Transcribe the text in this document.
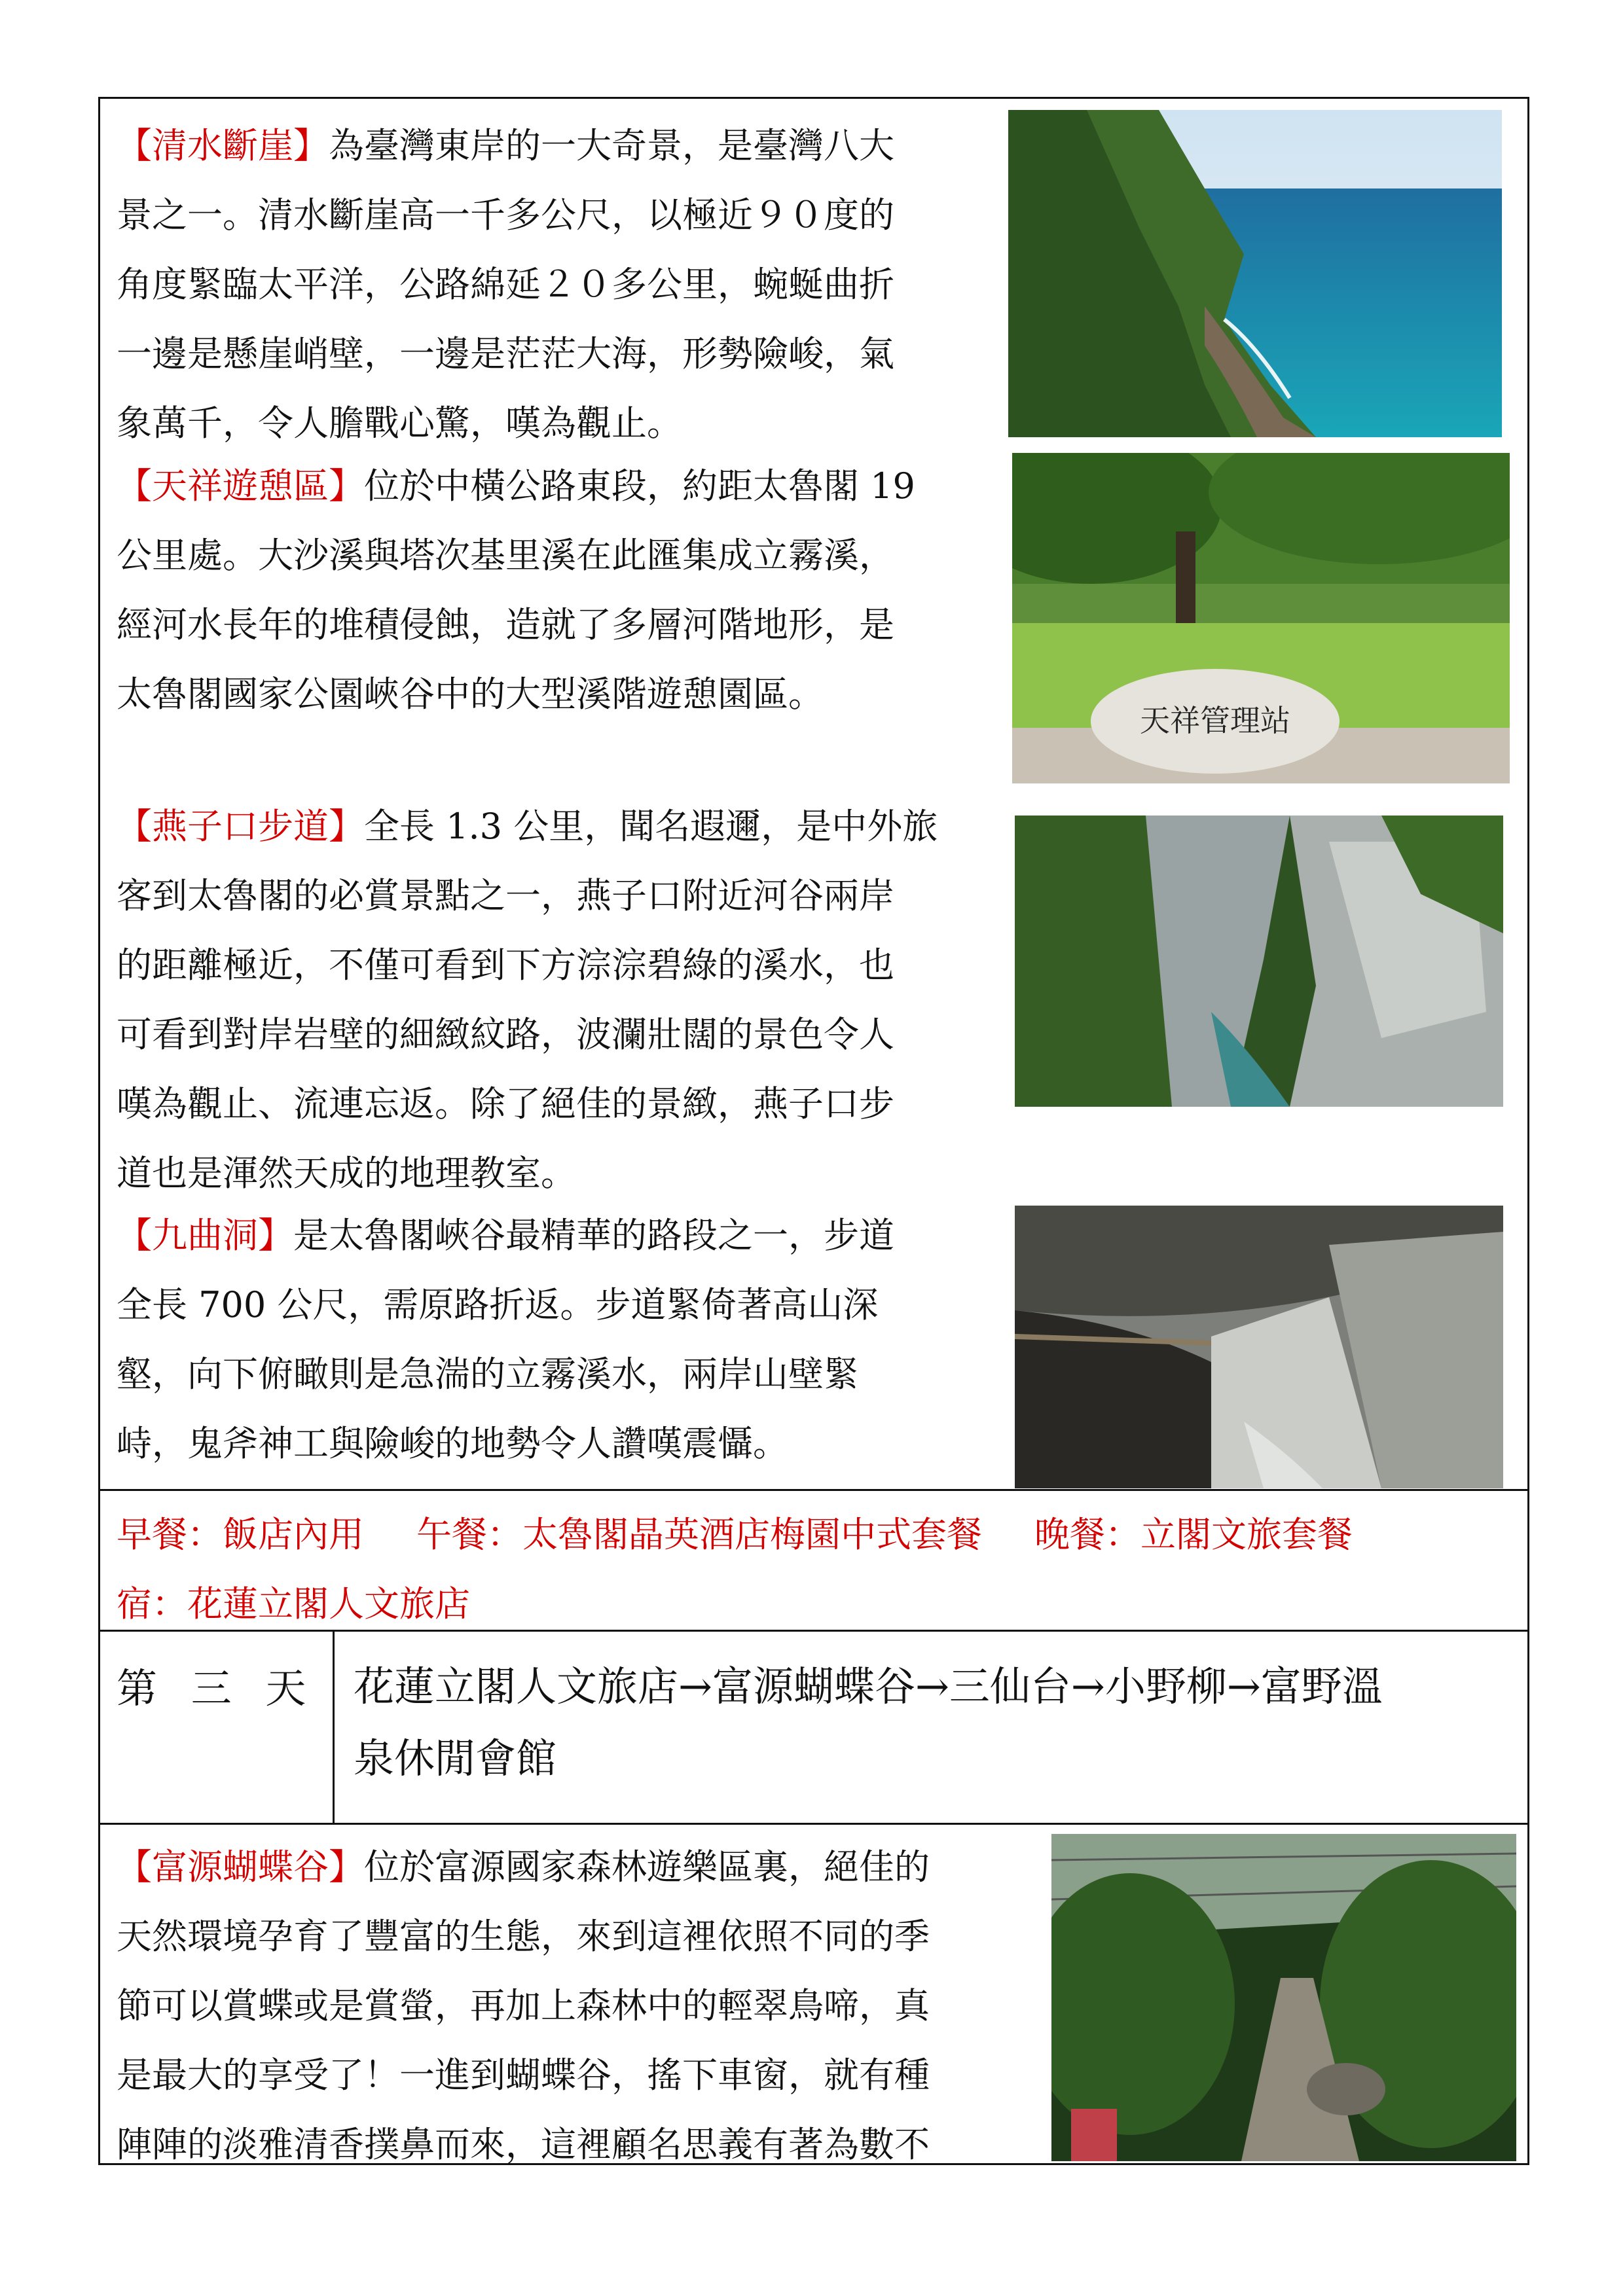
【清水斷崖】為臺灣東岸的一大奇景，是臺灣八大
景之一。清水斷崖高一千多公尺，以極近９０度的
角度緊臨太平洋，公路綿延２０多公里，蜿蜒曲折
一邊是懸崖峭壁，一邊是茫茫大海，形勢險峻，氣
象萬千，令人膽戰心驚，嘆為觀止。
【天祥遊憩區】位於中橫公路東段，約距太魯閣 19
公里處。大沙溪與塔次基里溪在此匯集成立霧溪，
經河水長年的堆積侵蝕，造就了多層河階地形，是
太魯閣國家公園峽谷中的大型溪階遊憩園區。
天祥管理站
【燕子口步道】全長 1.3 公里，聞名遐邇，是中外旅
客到太魯閣的必賞景點之一，燕子口附近河谷兩岸
的距離極近，不僅可看到下方淙淙碧綠的溪水，也
可看到對岸岩壁的細緻紋路，波瀾壯闊的景色令人
嘆為觀止、流連忘返。除了絕佳的景緻，燕子口步
道也是渾然天成的地理教室。
【九曲洞】是太魯閣峽谷最精華的路段之一，步道
全長 700 公尺，需原路折返。步道緊倚著高山深
壑，向下俯瞰則是急湍的立霧溪水，兩岸山壁緊
峙，鬼斧神工與險峻的地勢令人讚嘆震懾。
早餐：飯店內用 午餐：太魯閣晶英酒店梅園中式套餐 晚餐：立閣文旅套餐
宿：花蓮立閣人文旅店
第 三 天 花蓮立閣人文旅店→富源蝴蝶谷→三仙台→小野柳→富野溫
泉休閒會館
【富源蝴蝶谷】位於富源國家森林遊樂區裏，絕佳的
天然環境孕育了豐富的生態，來到這裡依照不同的季
節可以賞蝶或是賞螢，再加上森林中的輕翠鳥啼，真
是最大的享受了！一進到蝴蝶谷，搖下車窗，就有種
陣陣的淡雅清香撲鼻而來，這裡顧名思義有著為數不
